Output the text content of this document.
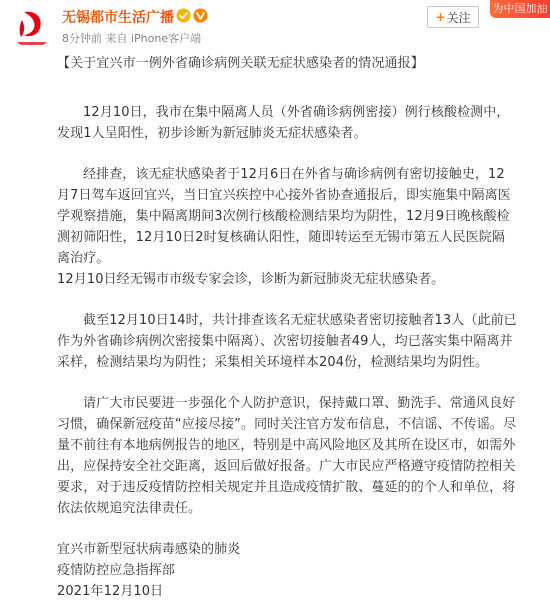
无锡都市生活广播
8分钟前 来自 iPhone客户端
+ 关注
为中国加油
【关于宜兴市一例外省确诊病例关联无症状感染者的情况通报】

12月10日，我市在集中隔离人员（外省确诊病例密接）例行核酸检测中，发现1人呈阳性，初步诊断为新冠肺炎无症状感染者。

经排查，该无症状感染者于12月6日在外省与确诊病例有密切接触史，12月7日驾车返回宜兴，当日宜兴疾控中心接外省协查通报后，即实施集中隔离医学观察措施，集中隔离期间3次例行核酸检测结果均为阴性，12月9日晚核酸检测初筛阳性，12月10日2时复核确认阳性，随即转运至无锡市第五人民医院隔离治疗。
12月10日经无锡市市级专家会诊，诊断为新冠肺炎无症状感染者。

截至12月10日14时，共计排查该名无症状感染者密切接触者13人（此前已作为外省确诊病例次密接集中隔离）、次密切接触者49人，均已落实集中隔离并采样，检测结果均为阴性；采集相关环境样本204份，检测结果均为阴性。

请广大市民要进一步强化个人防护意识，保持戴口罩、勤洗手、常通风良好习惯，确保新冠疫苗“应接尽接”。同时关注官方发布信息，不信谣、不传谣。尽量不前往有本地病例报告的地区，特别是中高风险地区及其所在设区市，如需外出，应保持安全社交距离，返回后做好报备。广大市民应严格遵守疫情防控相关要求，对于违反疫情防控相关规定并且造成疫情扩散、蔓延的的个人和单位，将依法依规追究法律责任。

宜兴市新型冠状病毒感染的肺炎

疫情防控应急指挥部

2021年12月10日
